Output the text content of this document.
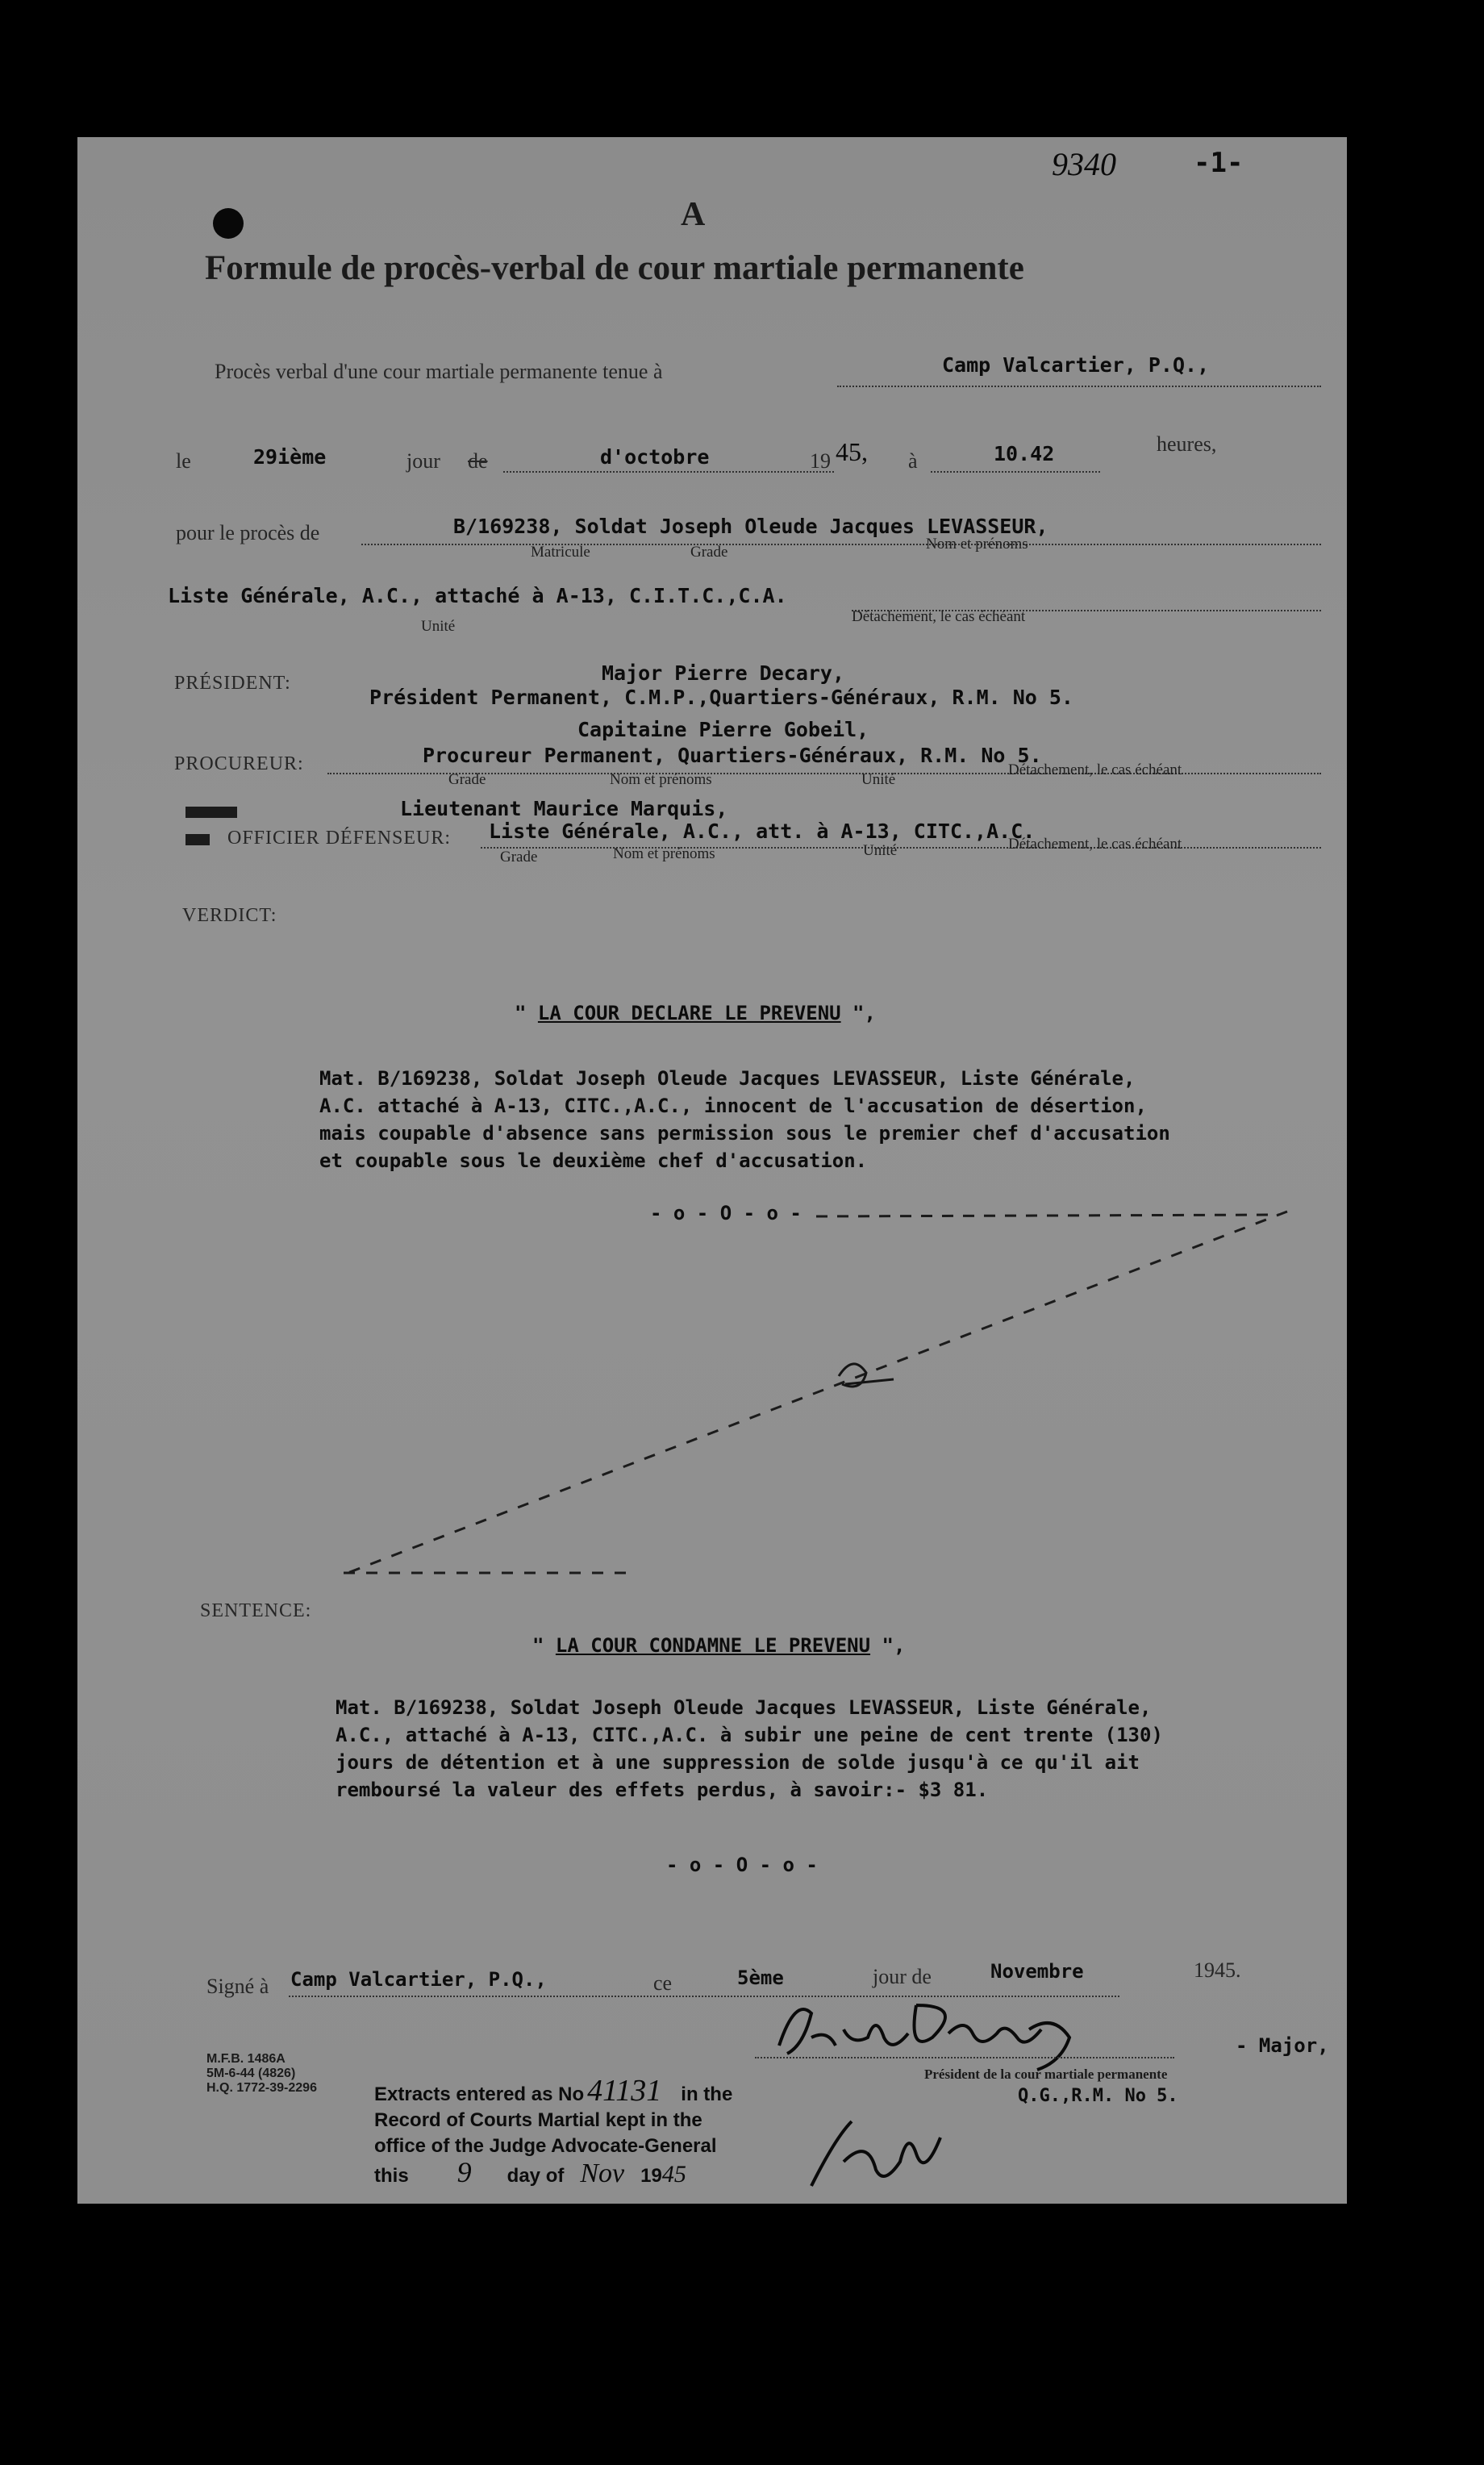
9340	-1-
A
Formule de procès-verbal de cour martiale permanente
Procès verbal d'une cour martiale permanente tenue à	Camp Valcartier, P.Q.,
le	29ième	jour de	d'octobre	19 45, à	10.42	heures,
pour le procès de	B/169238, Soldat Joseph Oleude Jacques LEVASSEUR,
Matricule	Grade	Nom et prénoms
Liste Générale, A.C., attaché à A-13, C.I.T.C.,C.A.
Unité
Détachement, le cas échéant
PRÉSIDENT:	Major Pierre Decary,
Président Permanent, C.M.P.,Quartiers-Généraux, R.M. No 5.
Capitaine Pierre Gobeil,
PROCUREUR:	Procureur Permanent, Quartiers-Généraux, R.M. No 5.
Grade	Nom et prénoms	Unité
Détachement, le cas échéant
Lieutenant Maurice Marquis,
OFFICIER DÉFENSEUR: Liste Générale, A.C., att. à A-13, CITC.,A.C.
Grade	Nom et prénoms	Unité	Détachement, le cas échéant
VERDICT:
" LA COUR DECLARE LE PREVENU ",
Mat. B/169238, Soldat Joseph Oleude Jacques LEVASSEUR, Liste Générale,
A.C. attaché à A-13, CITC.,A.C., innocent de l'accusation de désertion,
mais coupable d'absence sans permission sous le premier chef d'accusation
et coupable sous le deuxième chef d'accusation.
- o - O - o -
SENTENCE:
" LA COUR CONDAMNE LE PREVENU ",
Mat. B/169238, Soldat Joseph Oleude Jacques LEVASSEUR, Liste Générale,
A.C., attaché à A-13, CITC.,A.C. à subir une peine de cent trente (130)
jours de détention et à une suppression de solde jusqu'à ce qu'il ait
remboursé la valeur des effets perdus, à savoir:- $3 81.
- o - O - o -
Signé à Camp Valcartier, P.Q.,	ce	5ème	jour de	Novembre	1945.
- Major,
Président de la cour martiale permanente
Q.G.,R.M. No 5.
M.F.B. 1486A
5M-6-44 (4826)
H.Q. 1772-39-2296	Extracts entered as No 41131 in the
Record of Courts Martial kept in the
office of the Judge Advocate-General
this 9 day of Nov 1945
